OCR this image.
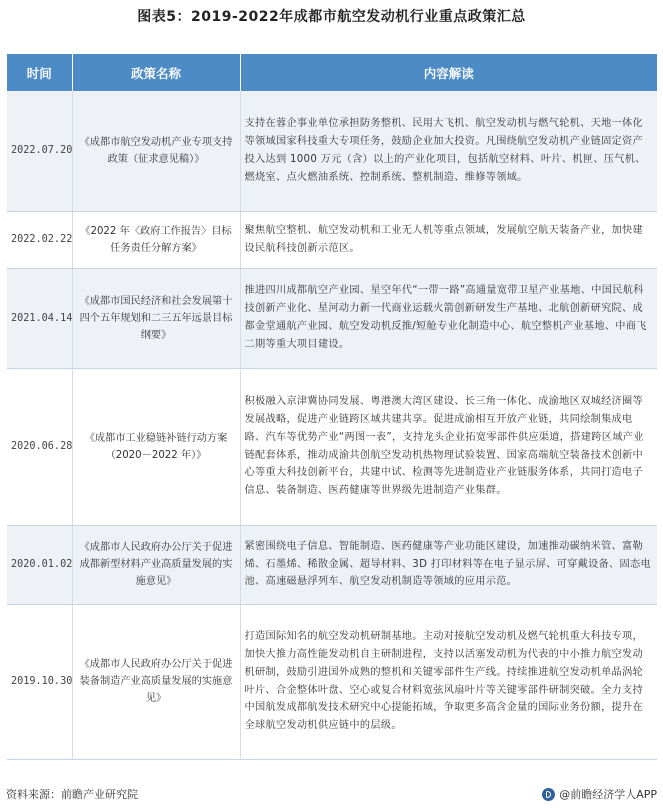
图表5：2019-2022年成都市航空发动机行业重点政策汇总
时间	政策名称	内容解读
2022.07.20	《成都市航空发动机产业专项支持政策（征求意见稿）》	支持在蓉企事业单位承担防务整机、民用大飞机、航空发动机与燃气轮机、天地一体化等领域国家科技重大专项任务，鼓励企业加大投资。凡围绕航空发动机产业链固定资产投入达到 1000 万元（含）以上的产业化项目，包括航空材料、叶片、机匣、压气机、燃烧室、点火燃油系统、控制系统、整机制造、维修等领域。
2022.02.22	《2022 年〈政府工作报告〉目标任务责任分解方案》	聚焦航空整机、航空发动机和工业无人机等重点领域，发展航空航天装备产业，加快建设民航科技创新示范区。
2021.04.14	《成都市国民经济和社会发展第十四个五年规划和二三五年远景目标纲要》	推进四川成都航空产业园、星空年代“一带一路”高通量宽带卫星产业基地、中国民航科技创新产业化、星河动力新一代商业运载火箭创新研发生产基地、北航创新研究院、成都金堂通航产业园、航空发动机反推/短舱专业化制造中心、航空整机产业基地、中商飞二期等重大项目建设。
2020.06.28	《成都市工业稳链补链行动方案（2020－2022 年）》	积极融入京津冀协同发展、粤港澳大湾区建设、长三角一体化、成渝地区双城经济圈等发展战略，促进产业链跨区域共建共享。促进成渝相互开放产业链，共同绘制集成电路、汽车等优势产业“两图一表”，支持龙头企业拓宽零部件供应渠道，搭建跨区域产业链配套体系，推动成渝共创航空发动机热物理试验装置、国家高端航空装备技术创新中心等重大科技创新平台，共建中试、检测等先进制造业产业链服务体系，共同打造电子信息、装备制造、医药健康等世界级先进制造产业集群。
2020.01.02	《成都市人民政府办公厅关于促进成都新型材料产业高质量发展的实施意见》	紧密围绕电子信息、智能制造、医药健康等产业功能区建设，加速推动碳纳米管、富勒烯、石墨烯、稀散金属、超导材料、3D 打印材料等在电子显示屏、可穿戴设备、固态电池、高速磁悬浮列车、航空发动机制造等领域的应用示范。
2019.10.30	《成都市人民政府办公厅关于促进装备制造产业高质量发展的实施意见》	打造国际知名的航空发动机研制基地。主动对接航空发动机及燃气轮机重大科技专项，加快大推力高性能发动机自主研制进程，支持以活塞发动机为代表的中小推力航空发动机研制，鼓励引进国外成熟的整机和关键零部件生产线。持续推进航空发动机单晶涡轮叶片、合金整体叶盘、空心或复合材料宽弦风扇叶片等关键零部件研制突破。全力支持中国航发成都航发技术研究中心提能拓域，争取更多高含金量的国际业务份额，提升在全球航空发动机供应链中的层级。
资料来源：前瞻产业研究院	@前瞻经济学人APP
